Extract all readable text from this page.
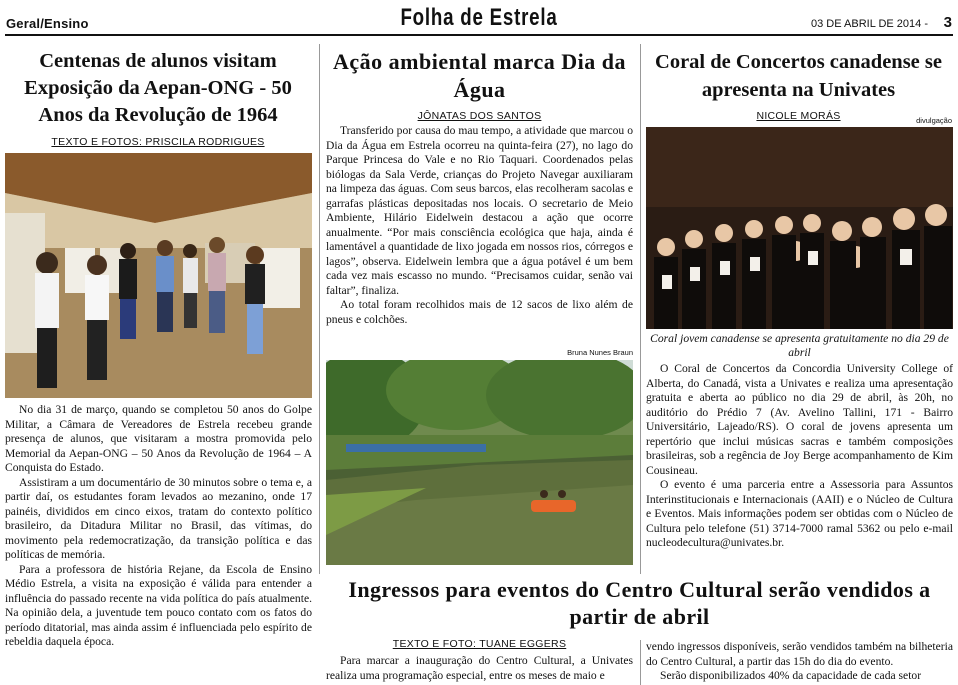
Geral/Ensino	Folha de Estrela	03 DE ABRIL DE 2014 - 3
Centenas de alunos visitam Exposição da Aepan-ONG - 50 Anos da Revolução de 1964
TEXTO E FOTOS: PRISCILA RODRIGUES

No dia 31 de março, quando se completou 50 anos do Golpe Militar, a Câmara de Vereadores de Estrela recebeu grande presença de alunos, que visitaram a mostra promovida pelo Memorial da Aepan-ONG – 50 Anos da Revolução de 1964 – A Conquista do Estado.

Assistiram a um documentário de 30 minutos sobre o tema e, a partir daí, os estudantes foram levados ao mezanino, onde 17 painéis, divididos em cinco eixos, tratam do contexto político brasileiro, da Ditadura Militar no Brasil, das vítimas, do movimento pela redemocratização, da transição política e das políticas de memória.

Para a professora de história Rejane, da Escola de Ensino Médio Estrela, a visita na exposição é válida para entender a influência do passado recente na vida política do país atualmente. Na opinião dela, a juventude tem pouco contato com os fatos do período ditatorial, mas ainda assim é influenciada pelo espírito de rebeldia daquela época.

Ação ambiental marca Dia da Água
JÔNATAS DOS SANTOS

Transferido por causa do mau tempo, a atividade que marcou o Dia da Água em Estrela ocorreu na quinta-feira (27), no lago do Parque Princesa do Vale e no Rio Taquari. Coordenados pelas biólogas da Sala Verde, crianças do Projeto Navegar auxiliaram na limpeza das águas. Com seus barcos, elas recolheram sacolas e garrafas plásticas depositadas nos locais. O secretario de Meio Ambiente, Hilário Eidelwein destacou a ação que ocorre anualmente. “Por mais consciência ecológica que haja, ainda é lamentável a quantidade de lixo jogada em nossos rios, córregos e lagos”, observa. Eidelwein lembra que a água potável é um bem cada vez mais escasso no mundo. “Precisamos cuidar, senão vai faltar”, finaliza.

Ao total foram recolhidos mais de 12 sacos de lixo além de pneus e colchões.

Bruna Nunes Braun
Coral de Concertos canadense se apresenta na Univates
NICOLE MORÁS	divulgação
Coral jovem canadense se apresenta gratuitamente no dia 29 de abril

O Coral de Concertos da Concordia University College of Alberta, do Canadá, vista a Univates e realiza uma apresentação gratuita e aberta ao público no dia 29 de abril, às 20h, no auditório do Prédio 7 (Av. Avelino Tallini, 171 - Bairro Universitário, Lajeado/RS). O coral de jovens apresenta um repertório que inclui músicas sacras e também composições brasileiras, sob a regência de Joy Berge acompanhamento de Kim Cousineau.

O evento é uma parceria entre a Assessoria para Assuntos Interinstitucionais e Internacionais (AAII) e o Núcleo de Cultura e Eventos. Mais informações podem ser obtidas com o Núcleo de Cultura pelo telefone (51) 3714-7000 ramal 5362 ou pelo e-mail nucleodecultura@univates.br.

Ingressos para eventos do Centro Cultural serão vendidos a partir de abril
TEXTO E FOTO: TUANE EGGERS

Para marcar a inauguração do Centro Cultural, a Univates realiza uma programação especial, entre os meses de maio e

vendo ingressos disponíveis, serão vendidos também na bilheteria do Centro Cultural, a partir das 15h do dia do evento.

Serão disponibilizados 40% da capacidade de cada setor
